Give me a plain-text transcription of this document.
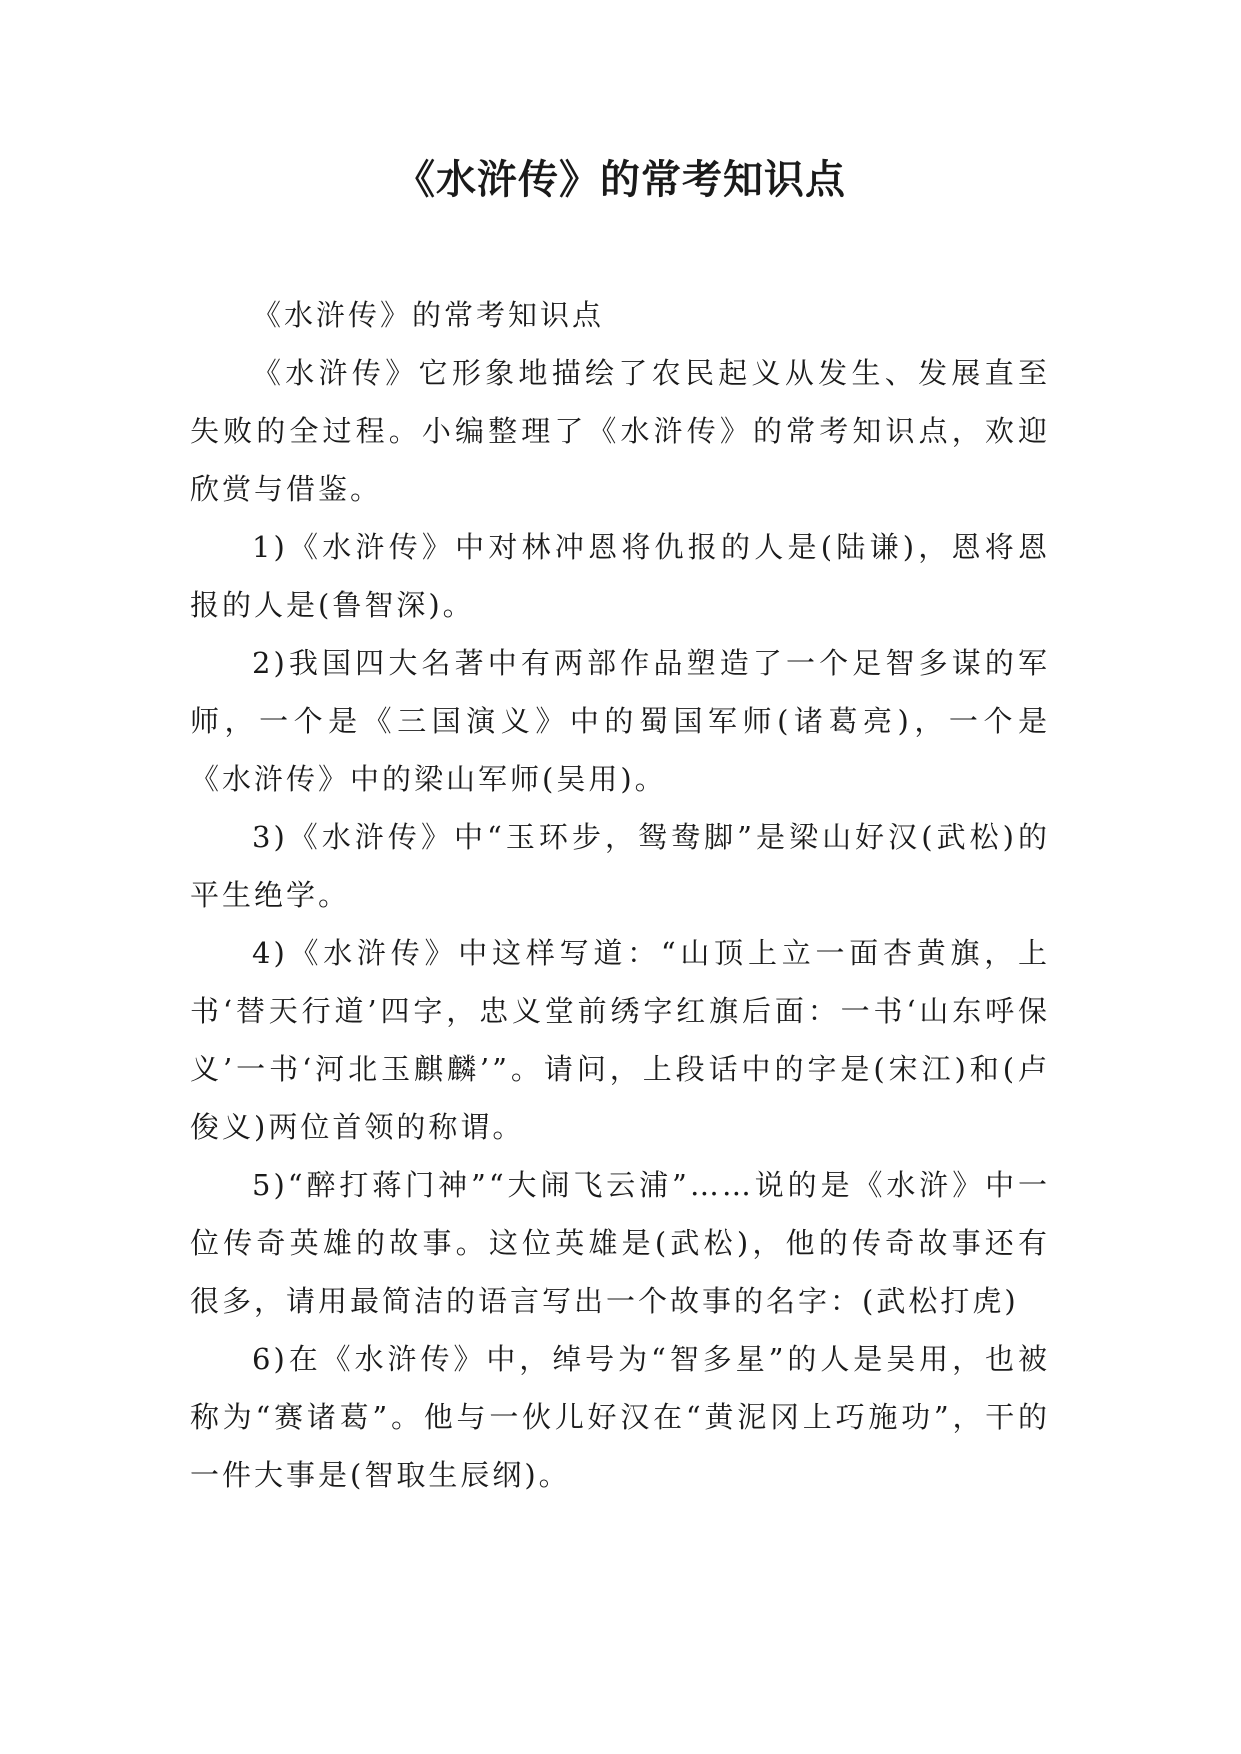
《水浒传》的常考知识点

《水浒传》的常考知识点

《水浒传》它形象地描绘了农民起义从发生、发展直至失败的全过程。小编整理了《水浒传》的常考知识点，欢迎欣赏与借鉴。

1)《水浒传》中对林冲恩将仇报的人是(陆谦)，恩将恩报的人是(鲁智深)。

2)我国四大名著中有两部作品塑造了一个足智多谋的军师，一个是《三国演义》中的蜀国军师(诸葛亮)，一个是《水浒传》中的梁山军师(吴用)。

3)《水浒传》中“玉环步，鸳鸯脚”是梁山好汉(武松)的平生绝学。

4)《水浒传》中这样写道：“山顶上立一面杏黄旗，上书‘替天行道’四字，忠义堂前绣字红旗后面：一书‘山东呼保义’一书‘河北玉麒麟’”。请问，上段话中的字是(宋江)和(卢俊义)两位首领的称谓。

5)“醉打蒋门神”“大闹飞云浦”……说的是《水浒》中一位传奇英雄的故事。这位英雄是(武松)，他的传奇故事还有很多，请用最简洁的语言写出一个故事的名字：(武松打虎)

6)在《水浒传》中，绰号为“智多星”的人是吴用，也被称为“赛诸葛”。他与一伙儿好汉在“黄泥冈上巧施功”，干的一件大事是(智取生辰纲)。
